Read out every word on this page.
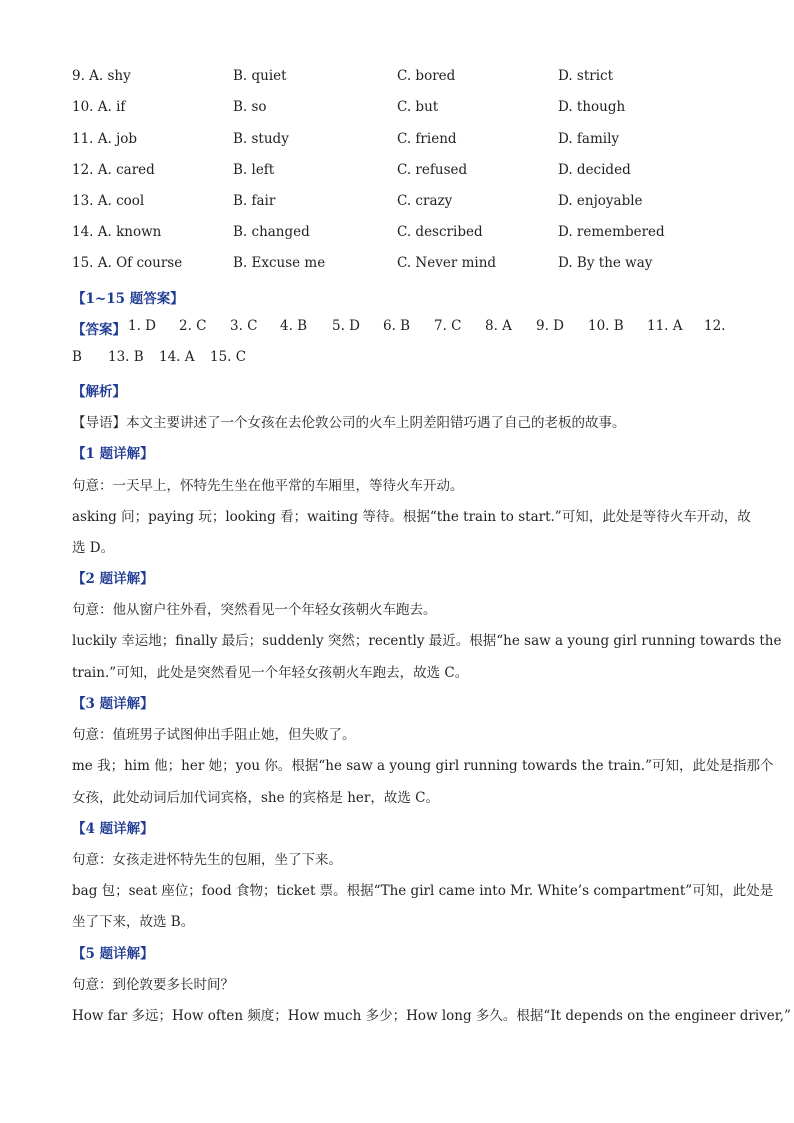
9. A. shy	B. quiet	C. bored	D. strict
10. A. if	B. so	C. but	D. though
11. A. job	B. study	C. friend	D. family
12. A. cared	B. left	C. refused	D. decided
13. A. cool	B. fair	C. crazy	D. enjoyable
14. A. known	B. changed	C. described	D. remembered
15. A. Of course	B. Excuse me	C. Never mind	D. By the way
【1~15 题答案】
【答案】 1. D 2. C 3. C 4. B 5. D 6. B 7. C 8. A 9. D 10. B 11. A 12.
B 13. B 14. A 15. C
【解析】
【导语】本文主要讲述了一个女孩在去伦敦公司的火车上阴差阳错巧遇了自己的老板的故事。
【1 题详解】
句意：一天早上，怀特先生坐在他平常的车厢里，等待火车开动。
asking 问；paying 玩；looking 看；waiting 等待。根据“the train to start.”可知，此处是等待火车开动，故
选 D。
【2 题详解】
句意：他从窗户往外看，突然看见一个年轻女孩朝火车跑去。
luckily 幸运地；finally 最后；suddenly 突然；recently 最近。根据“he saw a young girl running towards the
train.”可知，此处是突然看见一个年轻女孩朝火车跑去，故选 C。
【3 题详解】
句意：值班男子试图伸出手阻止她，但失败了。
me 我；him 他；her 她；you 你。根据“he saw a young girl running towards the train.”可知，此处是指那个
女孩，此处动词后加代词宾格，she 的宾格是 her，故选 C。
【4 题详解】
句意：女孩走进怀特先生的包厢，坐了下来。
bag 包；seat 座位；food 食物；ticket 票。根据“The girl came into Mr. White’s compartment”可知，此处是
坐了下来，故选 B。
【5 题详解】
句意：到伦敦要多长时间？
How far 多远；How often 频度；How much 多少；How long 多久。根据“It depends on the engineer driver,”
